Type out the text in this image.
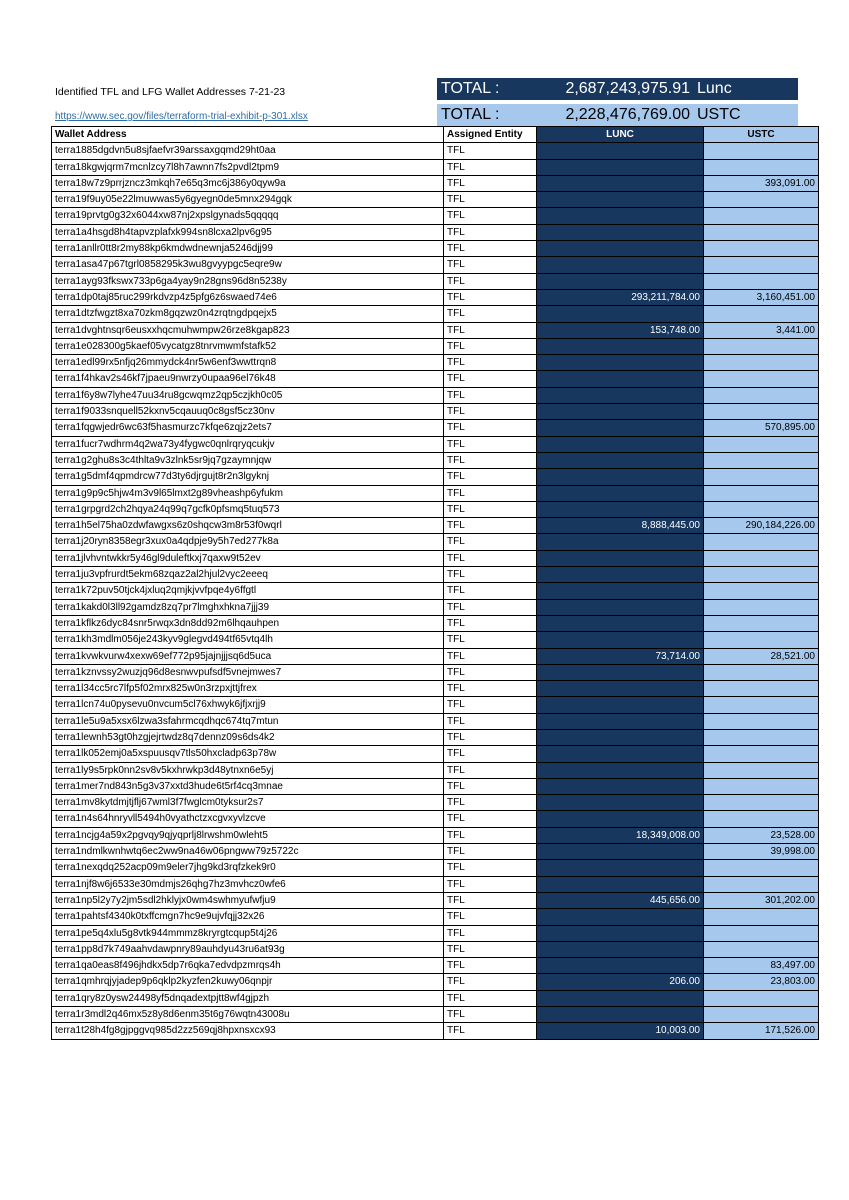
Identified TFL and LFG Wallet Addresses 7-21-23
https://www.sec.gov/files/terraform-trial-exhibit-p-301.xlsx
TOTAL :	2,687,243,975.91 Lunc
TOTAL :	2,228,476,769.00 USTC
Wallet Address	Assigned Entity	LUNC	USTC
terra1885dgdvn5u8sjfaefvr39arssaxgqmd29ht0aa	TFL		
terra18kgwjqrm7mcnlzcy7l8h7awnn7fs2pvdl2tpm9	TFL		
terra18w7z9prrjzncz3mkqh7e65q3mc6j386y0qyw9a	TFL		393,091.00
terra19f9uy05e22lmuwwas5y6gyegn0de5mnx294gqk	TFL		
terra19prvtg0g32x6044xw87nj2xpslgynads5qqqqq	TFL		
terra1a4hsgd8h4tapvzplafxk994sn8lcxa2lpv6g95	TFL		
terra1anllr0tt8r2my88kp6kmdwdnewnja5246djj99	TFL		
terra1asa47p67tgrl0858295k3wu8gvyypgc5eqre9w	TFL		
terra1ayg93fkswx733p6ga4yay9n28gns96d8n5238y	TFL		
terra1dp0taj85ruc299rkdvzp4z5pfg6z6swaed74e6	TFL	293,211,784.00	3,160,451.00
terra1dtzfwgzt8xa70zkm8gqzwz0n4zrqtngdpqejx5	TFL		
terra1dvghtnsqr6eusxxhqcmuhwmpw26rze8kgap823	TFL	153,748.00	3,441.00
terra1e028300g5kaef05vycatgz8tnrvmwmfstafk52	TFL		
terra1edl99rx5nfjq26mmydck4nr5w6enf3wwttrqn8	TFL		
terra1f4hkav2s46kf7jpaeu9nwrzy0upaa96el76k48	TFL		
terra1f6y8w7lyhe47uu34ru8gcwqmz2qp5czjkh0c05	TFL		
terra1f9033snquell52kxnv5cqauuq0c8gsf5cz30nv	TFL		
terra1fqgwjedr6wc63f5hasmurzc7kfqe6zqjz2ets7	TFL		570,895.00
terra1fucr7wdhrm4q2wa73y4fygwc0qnlrqryqcukjv	TFL		
terra1g2ghu8s3c4thlta9v3zlnk5sr9jq7gzaymnjqw	TFL		
terra1g5dmf4qpmdrcw77d3ty6djrgujt8r2n3lgyknj	TFL		
terra1g9p9c5hjw4m3v9l65lmxt2g89vheashp6yfukm	TFL		
terra1grpgrd2ch2hqya24q99q7gcfk0pfsmq5tuq573	TFL		
terra1h5el75ha0zdwfawgxs6z0shqcw3m8r53f0wqrl	TFL	8,888,445.00	290,184,226.00
terra1j20ryn8358egr3xux0a4qdpje9y5h7ed277k8a	TFL		
terra1jlvhvntwkkr5y46gl9duleftkxj7qaxw9t52ev	TFL		
terra1ju3vpfrurdt5ekm68zqaz2al2hjul2vyc2eeeq	TFL		
terra1k72puv50tjck4jxluq2qmjkjvvfpqe4y6ffgtl	TFL		
terra1kakd0l3ll92gamdz8zq7pr7lmghxhkna7jjj39	TFL		
terra1kflkz6dyc84snr5rwqx3dn8dd92m6lhqauhpen	TFL		
terra1kh3mdlm056je243kyv9glegvd494tf65vtq4lh	TFL		
terra1kvwkvurw4xexw69ef772p95jajnjjjsq6d5uca	TFL	73,714.00	28,521.00
terra1kznvssy2wuzjq96d8esnwvpufsdf5vnejmwes7	TFL		
terra1l34cc5rc7lfp5f02mrx825w0n3rzpxjttjfrex	TFL		
terra1lcn74u0pysevu0nvcum5cl76xhwyk6jfjxrjj9	TFL		
terra1le5u9a5xsx6lzwa3sfahrmcqdhqc674tq7mtun	TFL		
terra1lewnh53gt0hzgjejrtwdz8q7dennz09s6ds4k2	TFL		
terra1lk052emj0a5xspuusqv7tls50hxcladp63p78w	TFL		
terra1ly9s5rpk0nn2sv8v5kxhrwkp3d48ytnxn6e5yj	TFL		
terra1mer7nd843n5g3v37xxtd3hude6t5rf4cq3mnae	TFL		
terra1mv8kytdmjtjflj67wml3f7fwglcm0tyksur2s7	TFL		
terra1n4s64hnryvll5494h0vyathctzxcgvxyvlzcve	TFL		
terra1ncjg4a59x2pgvqy9qjyqprlj8lrwshm0wleht5	TFL	18,349,008.00	23,528.00
terra1ndmlkwnhwtq6ec2ww9na46w06pngww79z5722c	TFL		39,998.00
terra1nexqdq252acp09m9eler7jhg9kd3rqfzkek9r0	TFL		
terra1njf8w6j6533e30mdmjs26qhg7hz3mvhcz0wfe6	TFL		
terra1np5l2y7y2jm5sdl2hklyjx0wm4swhmyufwfju9	TFL	445,656.00	301,202.00
terra1pahtsf4340k0txffcmgn7hc9e9ujvfqjj32x26	TFL		
terra1pe5q4xlu5g8vtk944mmmz8kryrgtcqup5t4j26	TFL		
terra1pp8d7k749aahvdawpnry89auhdyu43ru6at93g	TFL		
terra1qa0eas8f496jhdkx5dp7r6qka7edvdpzmrqs4h	TFL		83,497.00
terra1qmhrqjyjadep9p6qklp2kyzfen2kuwy06qnpjr	TFL	206.00	23,803.00
terra1qry8z0ysw24498yf5dnqadextpjtt8wf4gjpzh	TFL		
terra1r3mdl2q46mx5z8y8d6enm35t6g76wqtn43008u	TFL		
terra1t28h4fg8gjpggvq985d2zz569qj8hpxnsxcx93	TFL	10,003.00	171,526.00
